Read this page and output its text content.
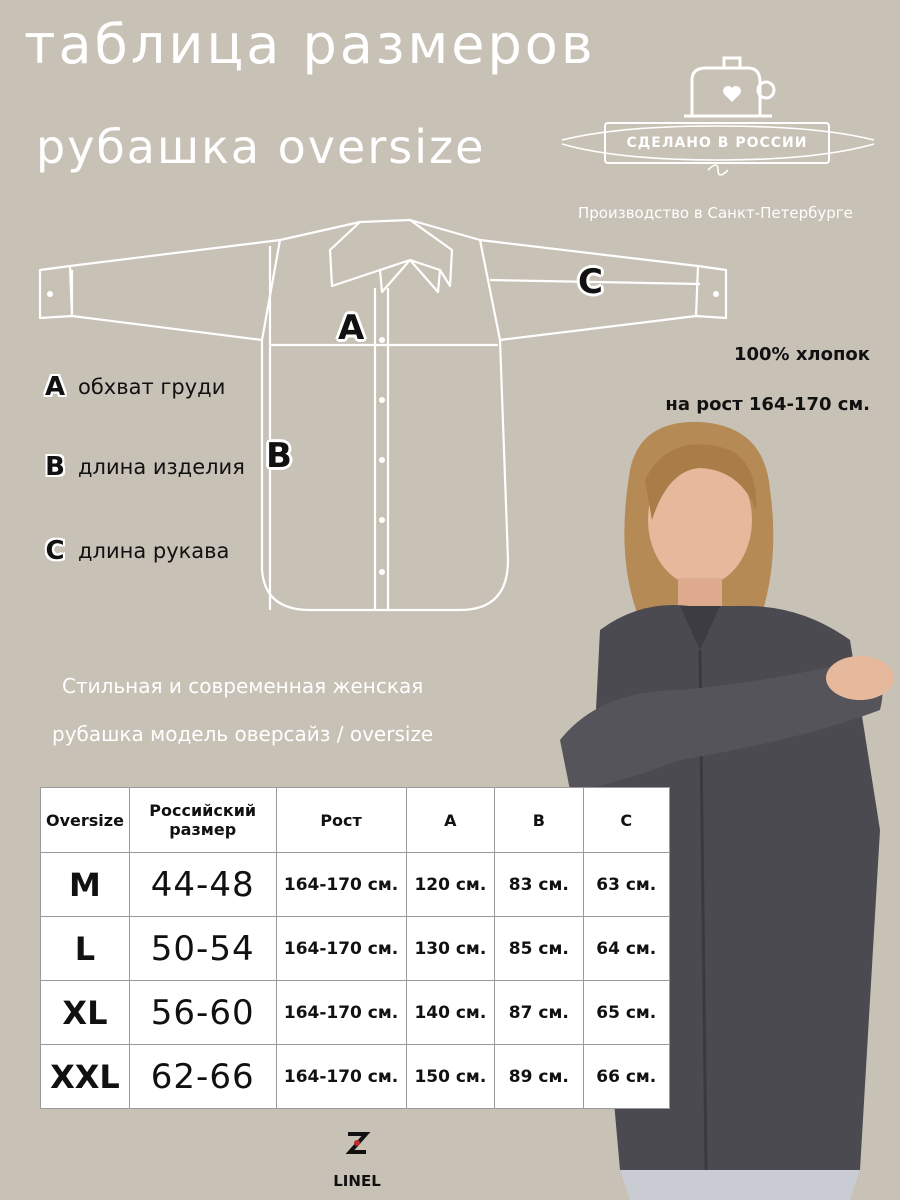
таблица размеров
рубашка oversize	СДЕЛАНО В РОССИИ
Производство в Санкт-Петербурге
100% хлопок
на рост 164-170 см.
A
B
C
A обхват груди
B длина изделия
C длина рукава
Стильная и современная женская
рубашка модель оверсайз / oversize
Oversize	Российский размер	Рост	A	B	C
M	44-48	164-170 см.	120 см.	83 см.	63 см.
L	50-54	164-170 см.	130 см.	85 см.	64 см.
XL	56-60	164-170 см.	140 см.	87 см.	65 см.
XXL	62-66	164-170 см.	150 см.	89 см.	66 см.
LINEL
